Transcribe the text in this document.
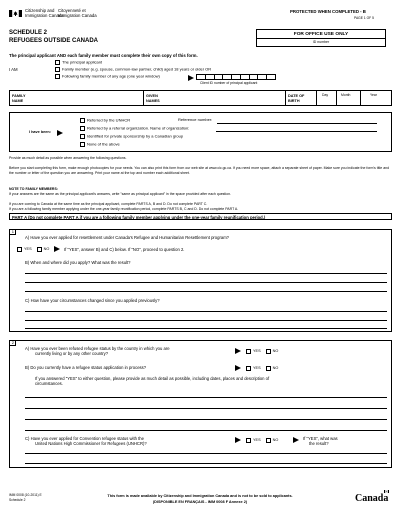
Citizenship and
Immigration Canada
Citoyenneté et
Immigration Canada
PROTECTED WHEN COMPLETED - B
PAGE 1 OF 5
FOR OFFICE USE ONLY
ID number
SCHEDULE 2
REFUGEES OUTSIDE CANADA
The principal applicant AND each family member must complete their own copy of this form.
I AM
The principal applicant
Family member (e.g. spouse, common-law partner, child) aged 18 years or older OR
Following family member of any age (one year window)
Client ID number of principal applicant
FAMILY NAME
GIVEN NAMES
DATE OF BIRTH
Day	Month	Year
I have been:
Referred by the UNHCR	Reference number:
Referred by a referral organization. Name of organization:
Identified for private sponsorship by a Canadian group
None of the above
Provide as much detail as possible when answering the following questions.
Before you start completing this form, make enough photocopies for your needs. You can also print this form from our web site at www.cic.gc.ca. If you need more space, attach a separate sheet of paper. Make sure you indicate the form's title and the number or letter of the question you are answering. Print your name at the top and number each additional sheet.
NOTE TO FAMILY MEMBERS:
If your answers are the same as the principal applicant's answers, write "same as principal applicant" in the space provided after each question.
If you are coming to Canada at the same time as the principal applicant, complete PARTS A, B and D. Do not complete PART C.
If you are a following family member applying under the one-year family reunification period, complete PARTS B, C and D. Do not complete PART A.
PART A (Do not complete PART A if you are a following family member applying under the one-year family reunification period.)
1
A) Have you ever applied for resettlement under Canada's Refugee and Humanitarian Resettlement program?
YES	NO	If "YES", answer B) and C) below. If "NO", proceed to question 2.
B) When and where did you apply? What was the result?
C) How have your circumstances changed since you applied previously?
2
A) Have you ever been refused refugee status by the country in which you are
currently living or by any other country?
YES	NO
B) Do you currently have a refugee status application in process?	YES	NO
If you answered "YES" to either question, please provide as much detail as possible, including dates, places and description of
circumstances.
C) Have you ever applied for Convention refugee status with the
United Nations High Commissioner for Refugees (UNHCR)?
YES	NO	If "YES", what was
the result?
IMM 0008 (10-2011) E
Schedule 2
This form is made available by Citizenship and Immigration Canada and is not to be sold to applicants.
(DISPONIBLE EN FRANÇAIS - IMM 0008 F Annexe 2)	Canada
